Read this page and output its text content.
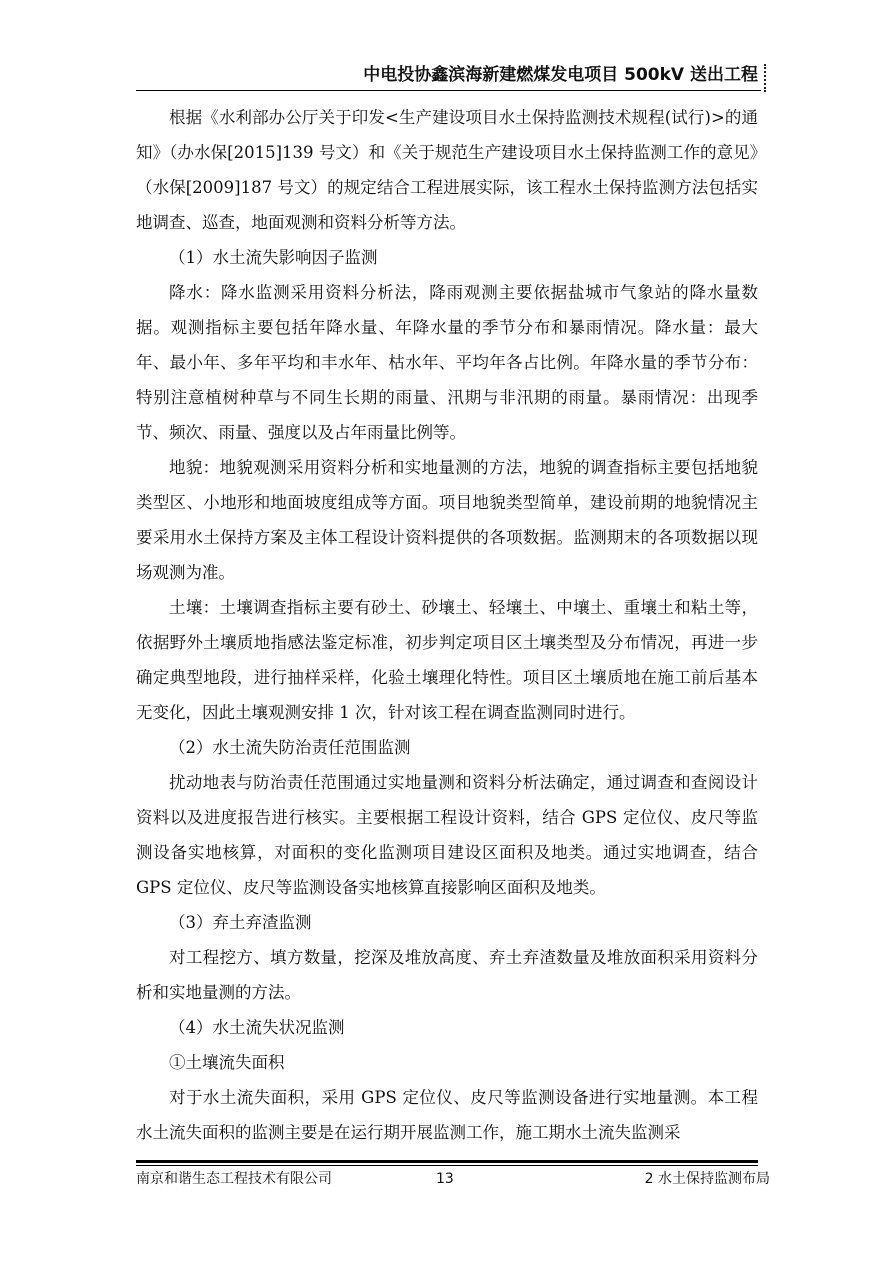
中电投协鑫滨海新建燃煤发电项目 500kV 送出工程

根据《水利部办公厅关于印发<生产建设项目水土保持监测技术规程(试行)>的通知》（办水保[2015]139 号文）和《关于规范生产建设项目水土保持监测工作的意见》（水保[2009]187 号文）的规定结合工程进展实际，该工程水土保持监测方法包括实地调查、巡查，地面观测和资料分析等方法。

（1）水土流失影响因子监测

降水：降水监测采用资料分析法，降雨观测主要依据盐城市气象站的降水量数据。观测指标主要包括年降水量、年降水量的季节分布和暴雨情况。降水量：最大年、最小年、多年平均和丰水年、枯水年、平均年各占比例。年降水量的季节分布：特别注意植树种草与不同生长期的雨量、汛期与非汛期的雨量。暴雨情况：出现季节、频次、雨量、强度以及占年雨量比例等。

地貌：地貌观测采用资料分析和实地量测的方法，地貌的调查指标主要包括地貌类型区、小地形和地面坡度组成等方面。项目地貌类型简单，建设前期的地貌情况主要采用水土保持方案及主体工程设计资料提供的各项数据。监测期末的各项数据以现场观测为准。

土壤：土壤调查指标主要有砂土、砂壤土、轻壤土、中壤土、重壤土和粘土等，依据野外土壤质地指感法鉴定标准，初步判定项目区土壤类型及分布情况，再进一步确定典型地段，进行抽样采样，化验土壤理化特性。项目区土壤质地在施工前后基本无变化，因此土壤观测安排 1 次，针对该工程在调查监测同时进行。

（2）水土流失防治责任范围监测

扰动地表与防治责任范围通过实地量测和资料分析法确定，通过调查和查阅设计资料以及进度报告进行核实。主要根据工程设计资料，结合 GPS 定位仪、皮尺等监测设备实地核算，对面积的变化监测项目建设区面积及地类。通过实地调查，结合 GPS 定位仪、皮尺等监测设备实地核算直接影响区面积及地类。

（3）弃土弃渣监测

对工程挖方、填方数量，挖深及堆放高度、弃土弃渣数量及堆放面积采用资料分析和实地量测的方法。

（4）水土流失状况监测

①土壤流失面积

对于水土流失面积，采用 GPS 定位仪、皮尺等监测设备进行实地量测。本工程水土流失面积的监测主要是在运行期开展监测工作，施工期水土流失监测采

南京和谐生态工程技术有限公司	13	2 水土保持监测布局
